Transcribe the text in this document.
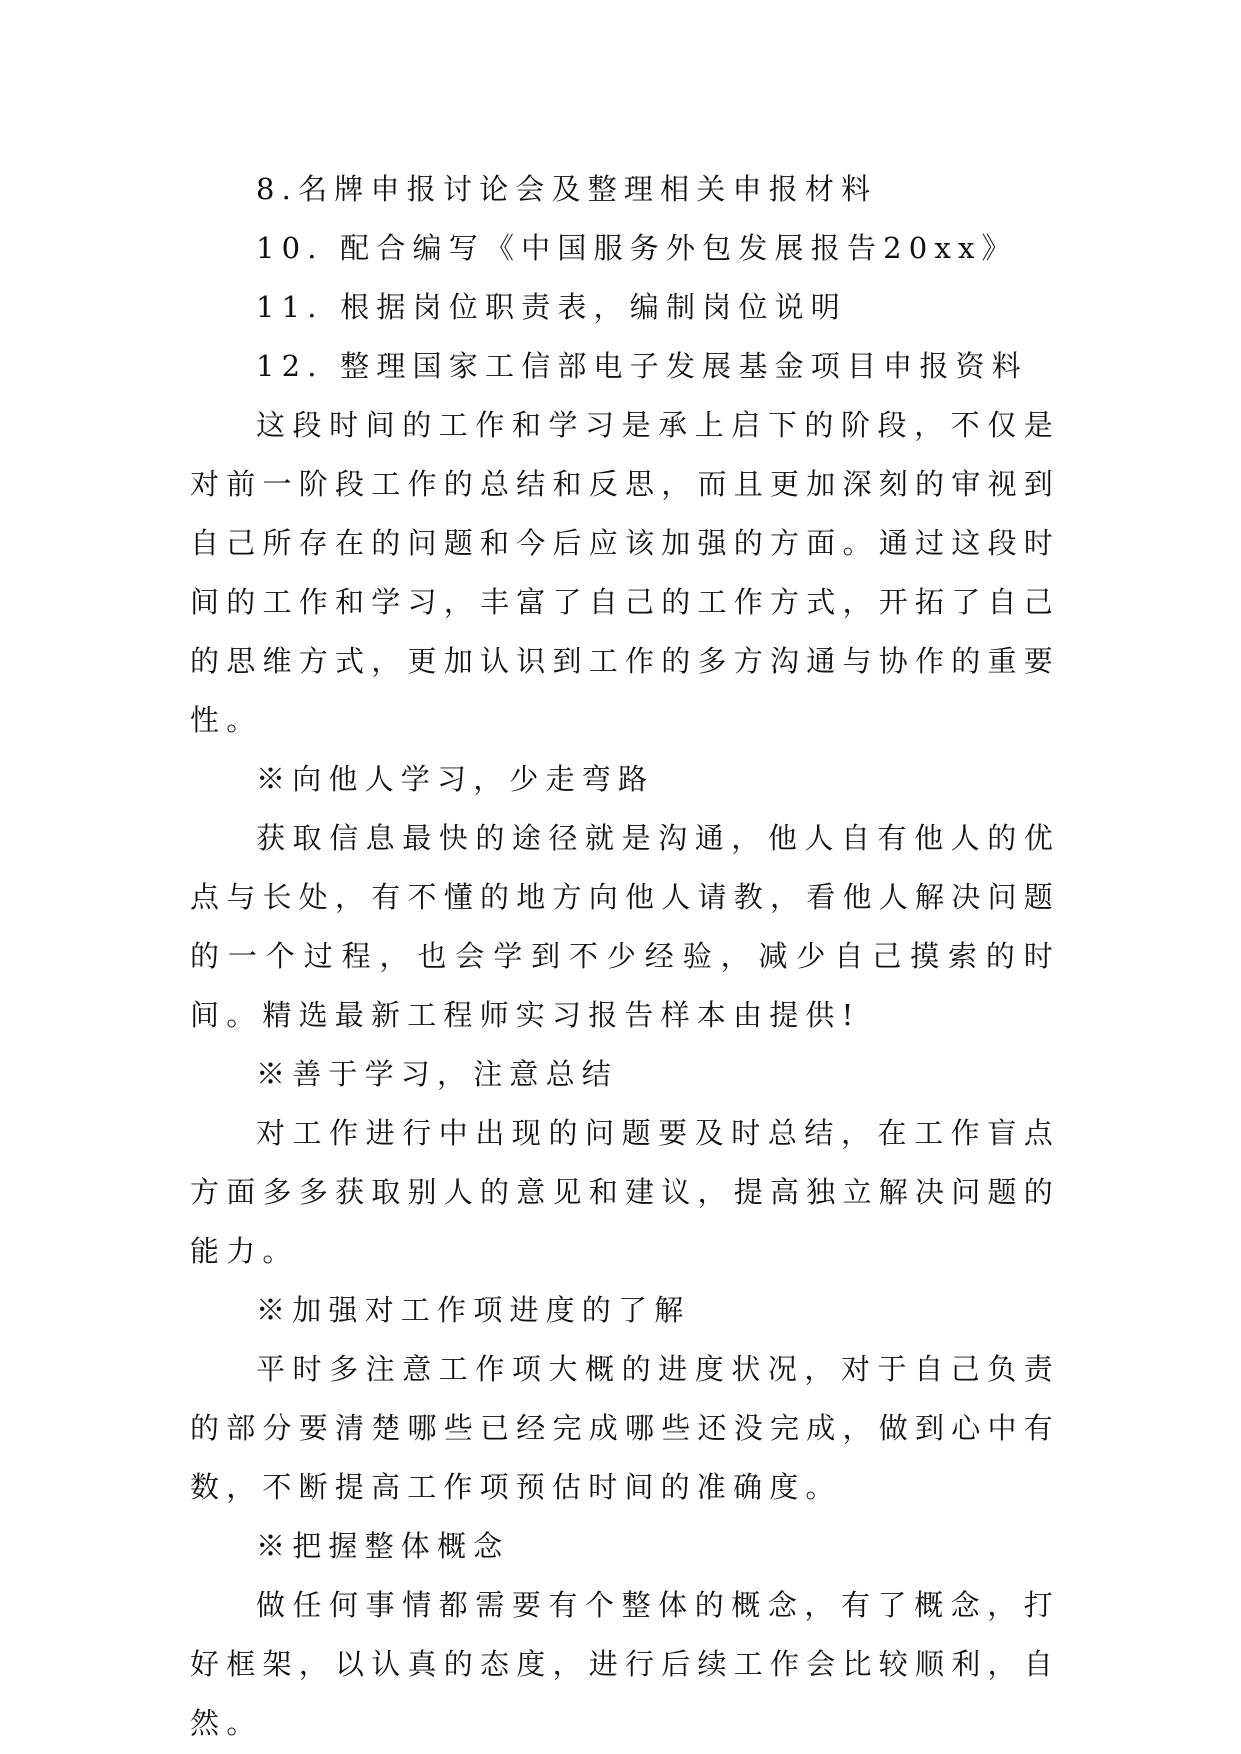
8.名牌申报讨论会及整理相关申报材料
10. 配合编写《中国服务外包发展报告20xx》
11. 根据岗位职责表，编制岗位说明
12. 整理国家工信部电子发展基金项目申报资料

这段时间的工作和学习是承上启下的阶段，不仅是对前一阶段工作的总结和反思，而且更加深刻的审视到自己所存在的问题和今后应该加强的方面。通过这段时间的工作和学习，丰富了自己的工作方式，开拓了自己的思维方式，更加认识到工作的多方沟通与协作的重要性。

※向他人学习，少走弯路

获取信息最快的途径就是沟通，他人自有他人的优点与长处，有不懂的地方向他人请教，看他人解决问题的一个过程，也会学到不少经验，减少自己摸索的时间。精选最新工程师实习报告样本由提供!

※善于学习，注意总结

对工作进行中出现的问题要及时总结，在工作盲点方面多多获取别人的意见和建议，提高独立解决问题的能力。

※加强对工作项进度的了解

平时多注意工作项大概的进度状况，对于自己负责的部分要清楚哪些已经完成哪些还没完成，做到心中有数，不断提高工作项预估时间的准确度。

※把握整体概念

做任何事情都需要有个整体的概念，有了概念，打好框架，以认真的态度，进行后续工作会比较顺利，自然。
